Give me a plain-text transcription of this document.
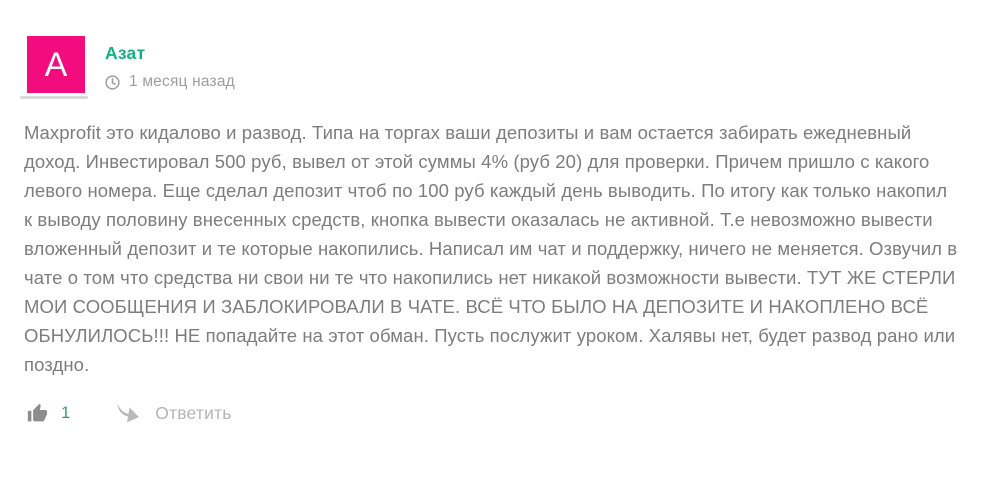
А	Азат
1 месяц назад

Maxprofit это кидалово и развод. Типа на торгах ваши депозиты и вам остается забирать ежедневный доход. Инвестировал 500 руб, вывел от этой суммы 4% (руб 20) для проверки. Причем пришло с какого левого номера. Еще сделал депозит чтоб по 100 руб каждый день выводить. По итогу как только накопил к выводу половину внесенных средств, кнопка вывести оказалась не активной. Т.е невозможно вывести вложенный депозит и те которые накопились. Написал им чат и поддержку, ничего не меняется. Озвучил в чате о том что средства ни свои ни те что накопились нет никакой возможности вывести. ТУТ ЖЕ СТЕРЛИ МОИ СООБЩЕНИЯ И ЗАБЛОКИРОВАЛИ В ЧАТЕ. ВСЁ ЧТО БЫЛО НА ДЕПОЗИТЕ И НАКОПЛЕНО ВСЁ ОБНУЛИЛОСЬ!!! НЕ попадайте на этот обман. Пусть послужит уроком. Халявы нет, будет развод рано или поздно.

1	Ответить
